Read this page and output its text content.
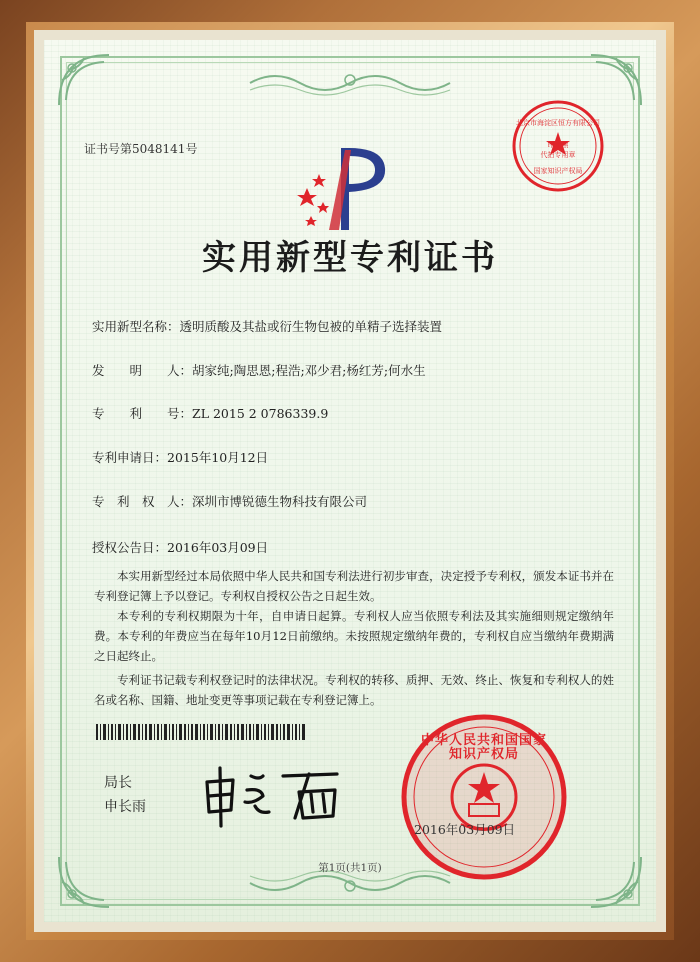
证书号第5048141号
北京市海淀区恒方有限公司
印北熊
代拍专用章
国家知识产权局
实用新型专利证书
实用新型名称：透明质酸及其盐或衍生物包被的单精子选择装置
发　　明　　人：胡家纯;陶思恩;程浩;邓少君;杨红芳;何水生
专　　利　　号：ZL 2015 2 0786339.9
专利申请日：2015年10月12日
专　利　权　人：深圳市博锐德生物科技有限公司
授权公告日：2016年03月09日

本实用新型经过本局依照中华人民共和国专利法进行初步审查，决定授予专利权，颁发本证书并在专利登记簿上予以登记。专利权自授权公告之日起生效。

本专利的专利权期限为十年，自申请日起算。专利权人应当依照专利法及其实施细则规定缴纳年费。本专利的年费应当在每年10月12日前缴纳。未按照规定缴纳年费的，专利权自应当缴纳年费期满之日起终止。

专利证书记载专利权登记时的法律状况。专利权的转移、质押、无效、终止、恢复和专利权人的姓名或名称、国籍、地址变更等事项记载在专利登记簿上。

局长
申长雨
中华人民共和国国家知识产权局
2016年03月09日
第1页(共1页)
